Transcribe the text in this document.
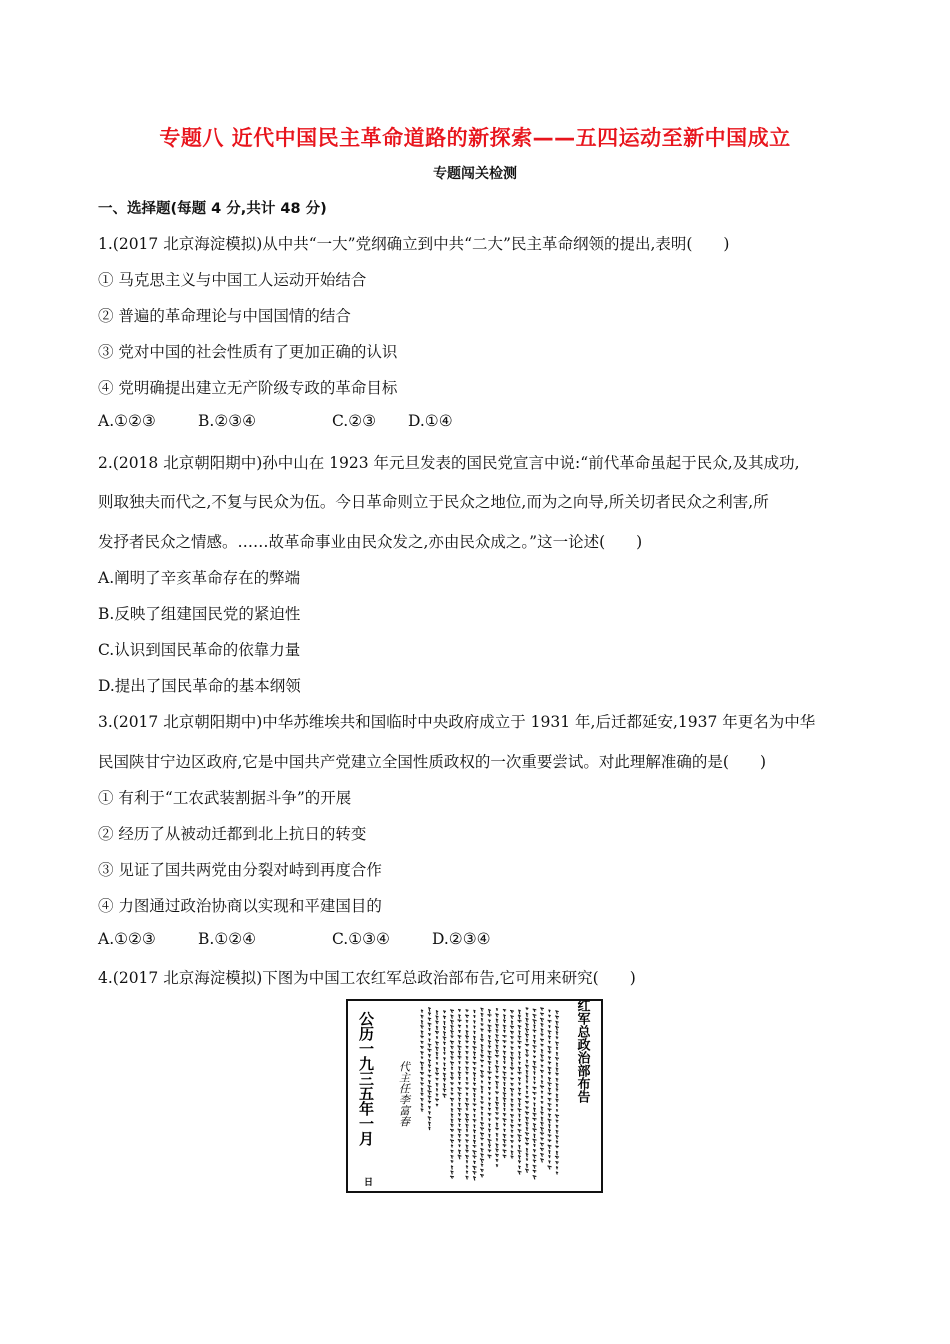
专题八 近代中国民主革命道路的新探索——五四运动至新中国成立
专题闯关检测
一、选择题(每题 4 分,共计 48 分)
1.(2017 北京海淀模拟)从中共“一大”党纲确立到中共“二大”民主革命纲领的提出,表明(　　)
① 马克思主义与中国工人运动开始结合
② 普遍的革命理论与中国国情的结合
③ 党对中国的社会性质有了更加正确的认识
④ 党明确提出建立无产阶级专政的革命目标
A.①②③	B.②③④	C.②③ D.①④
2.(2018 北京朝阳期中)孙中山在 1923 年元旦发表的国民党宣言中说:“前代革命虽起于民众,及其成功,
则取独夫而代之,不复与民众为伍。今日革命则立于民众之地位,而为之向导,所关切者民众之利害,所
发抒者民众之情感。……故革命事业由民众发之,亦由民众成之。”这一论述(　　)
A.阐明了辛亥革命存在的弊端
B.反映了组建国民党的紧迫性
C.认识到国民革命的依靠力量
D.提出了国民革命的基本纲领
3.(2017 北京朝阳期中)中华苏维埃共和国临时中央政府成立于 1931 年,后迁都延安,1937 年更名为中华
民国陕甘宁边区政府,它是中国共产党建立全国性质政权的一次重要尝试。对此理解准确的是(　　)
① 有利于“工农武装割据斗争”的开展
② 经历了从被动迁都到北上抗日的转变
③ 见证了国共两党由分裂对峙到再度合作
④ 力图通过政治协商以实现和平建国目的
A.①②③	B.①②④	C.①③④	D.②③④
4.(2017 北京海淀模拟)下图为中国工农红军总政治部布告,它可用来研究(　　)
中国工农红军总政治部布告
公历一九三五年一月 代主任李富春
日
